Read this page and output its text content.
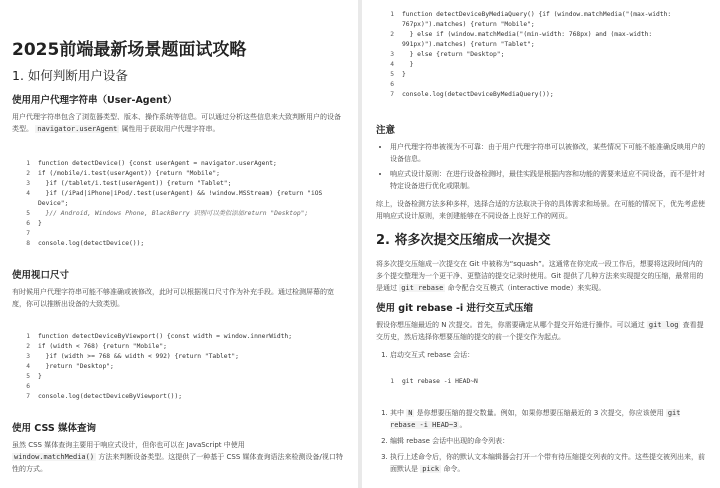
2025前端最新场景题面试攻略
1. 如何判断用户设备
使用用户代理字符串（User-Agent）
用户代理字符串包含了浏览器类型、版本、操作系统等信息。可以通过分析这些信息来大致判断用户的设备类型。 navigator.userAgent 属性用于获取用户代理字符串。
1	function detectDevice() {const userAgent = navigator.userAgent;
2	if (/mobile/i.test(userAgent)) {return "Mobile";
3	}if (/tablet/i.test(userAgent)) {return "Tablet";
4	}if (/iPad|iPhone|iPod/.test(userAgent) && !window.MSStream) {return "iOS Device";
5	}// Android, Windows Phone, BlackBerry 识别可以类似添加return "Desktop";
6	}
7
8	console.log(detectDevice());
使用视口尺寸
有时候用户代理字符串可能不够准确或被修改，此时可以根据视口尺寸作为补充手段。通过检测屏幕的宽度，你可以推断出设备的大致类别。
1	function detectDeviceByViewport() {const width = window.innerWidth;
2	if (width < 768) {return "Mobile";
3	}if (width >= 768 && width < 992) {return "Tablet";
4	}return "Desktop";
5	}
6
7	console.log(detectDeviceByViewport());
使用 CSS 媒体查询
虽然 CSS 媒体查询主要用于响应式设计，但你也可以在 JavaScript 中使用
window.matchMedia() 方法来判断设备类型。这提供了一种基于 CSS 媒体查询语法来检测设备/视口特性的方式。
1	function detectDeviceByMediaQuery() {if (window.matchMedia("(max-width: 767px)").matches) {return "Mobile";
2	} else if (window.matchMedia("(min-width: 768px) and (max-width: 991px)").matches) {return "Tablet";
3	} else {return "Desktop";
4	}
5	}
6
7	console.log(detectDeviceByMediaQuery());
注意
• 用户代理字符串被视为不可靠：由于用户代理字符串可以被修改，某些情况下可能不能准确反映用户的设备信息。
• 响应式设计原则：在进行设备检测时，最佳实践是根据内容和功能的需要来适应不同设备，而不是针对特定设备进行优化或限制。
综上，设备检测方法多种多样，选择合适的方法取决于你的具体需求和场景。在可能的情况下，优先考虑使用响应式设计原则，来创建能够在不同设备上良好工作的网页。
2. 将多次提交压缩成一次提交
将多次提交压缩成一次提交在 Git 中被称为“squash”。这通常在你完成一段工作后，想要将这段时间内的多个提交整理为一个更干净、更整洁的提交记录时使用。Git 提供了几种方法来实现提交的压缩，最常用的是通过 git rebase 命令配合交互模式（interactive mode）来实现。
使用 git rebase -i 进行交互式压缩
假设你想压缩最近的 N 次提交。首先，你需要确定从哪个提交开始进行操作。可以通过 git log 查看提交历史，然后选择你想要压缩的提交的前一个提交作为起点。
1. 启动交互式 rebase 会话：
1	git rebase -i HEAD~N
1. 其中 N 是你想要压缩的提交数量。例如，如果你想要压缩最近的 3 次提交，你应该使用 git rebase -i HEAD~3 。
2. 编辑 rebase 会话中出现的命令列表：
3. 执行上述命令后，你的默认文本编辑器会打开一个带有待压缩提交列表的文件。这些提交被列出来，前面默认是 pick 命令。
